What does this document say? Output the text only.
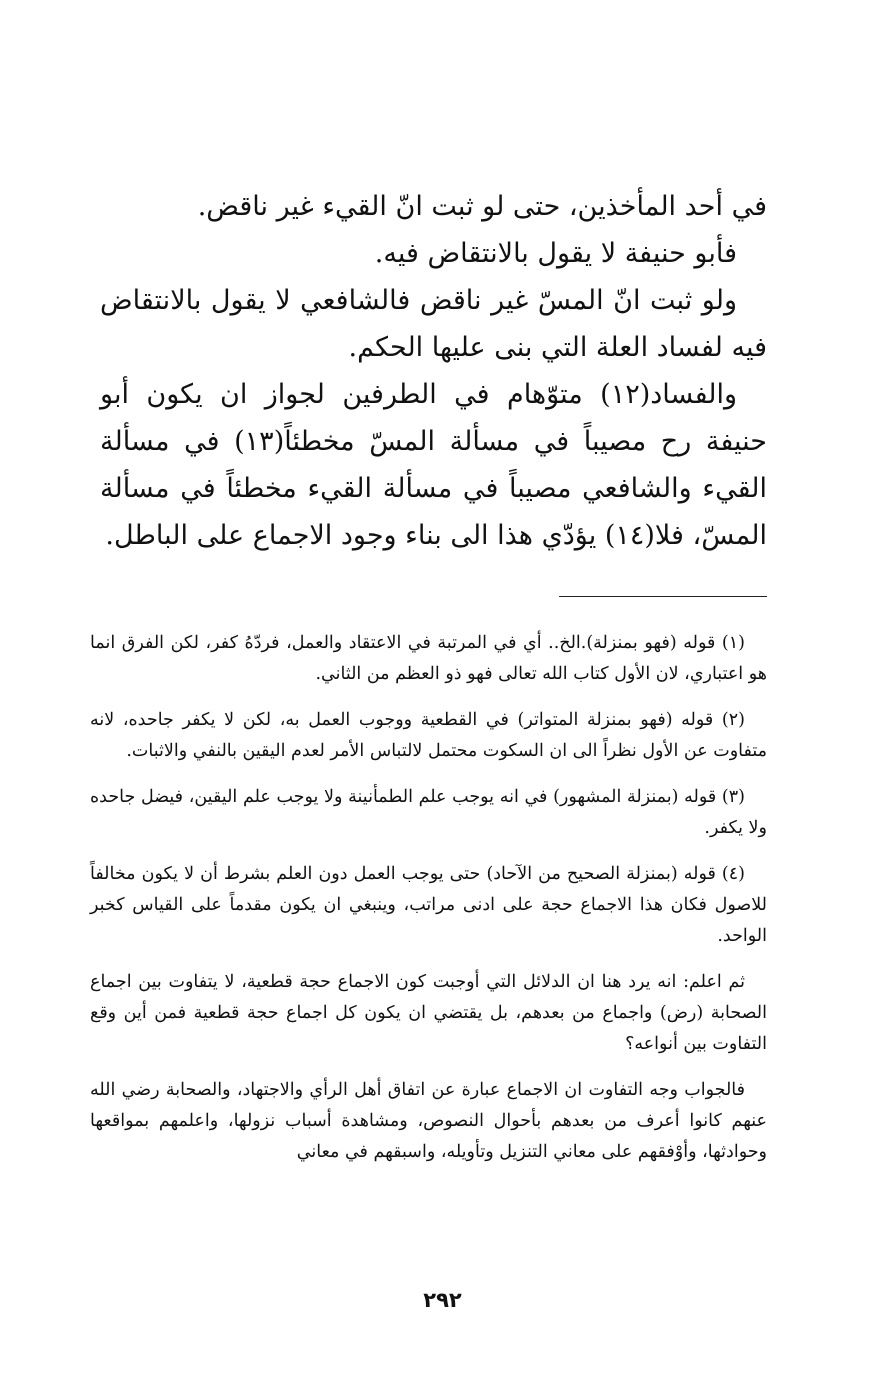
في أحد المأخذين، حتى لو ثبت انّ القيء غير ناقض.

فأبو حنيفة لا يقول بالانتقاض فيه.

ولو ثبت انّ المسّ غير ناقض فالشافعي لا يقول بالانتقاض فيه لفساد العلة التي بنى عليها الحكم.

والفساد(١٢) متوّهام في الطرفين لجواز ان يكون أبو حنيفة رح مصيباً في مسألة المسّ مخطئاً(١٣) في مسألة القيء والشافعي مصيباً في مسألة القيء مخطئاً في مسألة المسّ، فلا(١٤) يؤدّي هذا الى بناء وجود الاجماع على الباطل.

(١) قوله (فهو بمنزلة).الخ.. أي في المرتبة في الاعتقاد والعمل، فردّهُ كفر، لكن الفرق انما هو اعتباري، لان الأول كتاب الله تعالى فهو ذو العظم من الثاني.

(٢) قوله (فهو بمنزلة المتواتر) في القطعية ووجوب العمل به، لكن لا يكفر جاحده، لانه متفاوت عن الأول نظراً الى ان السكوت محتمل لالتباس الأمر لعدم اليقين بالنفي والاثبات.

(٣) قوله (بمنزلة المشهور) في انه يوجب علم الطمأنينة ولا يوجب علم اليقين، فيضل جاحده ولا يكفر.

(٤) قوله (بمنزلة الصحيح من الآحاد) حتى يوجب العمل دون العلم بشرط أن لا يكون مخالفاً للاصول فكان هذا الاجماع حجة على ادنى مراتب، وينبغي ان يكون مقدماً على القياس كخبر الواحد.

ثم اعلم: انه يرد هنا ان الدلائل التي أوجبت كون الاجماع حجة قطعية، لا يتفاوت بين اجماع الصحابة (رض) واجماع من بعدهم، بل يقتضي ان يكون كل اجماع حجة قطعية فمن أين وقع التفاوت بين أنواعه؟

فالجواب وجه التفاوت ان الاجماع عبارة عن اتفاق أهل الرأي والاجتهاد، والصحابة رضي الله عنهم كانوا أعرف من بعدهم بأحوال النصوص، ومشاهدة أسباب نزولها، واعلمهم بمواقعها وحوادثها، وأوْفقهم على معاني التنزيل وتأويله، واسبقهم في معاني

٢٩٢
